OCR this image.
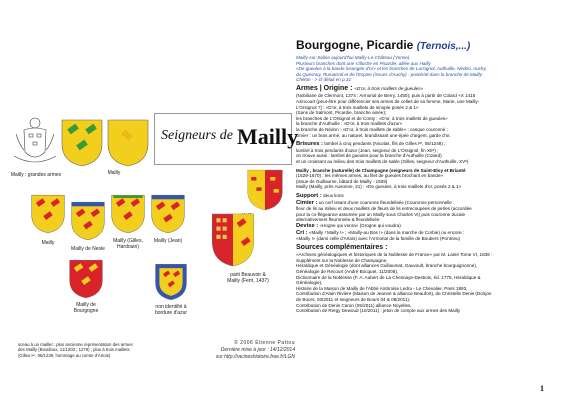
Mailly : grandes armes	Mailly
Seigneurs de Mailly
Mailly
Mailly de Nesle
Mailly (Gilles, Hardouin)
Mailly (Jean)
parti Beauvoir & Mailly (Ferri, 1437)
Mailly de Bourgogne
non identifié à bordure d'azur

sceau à un maillet : plus ancienne représentation des armes

des Mailly (Boutiloux, 11/1203 ; 1279) ; plus à trois maillets

(Gilles Iᵉʳ, 05/1239, hommage au comte d'Artois)

© 2006 Étienne Pattou

Dernière mise à jour : 14/12/2014

sur http://racineshistoire.free.fr/LGN

1
Bourgogne, Picardie (Ternois,...)

Mailly-sur-Saline aujourd'hui Mailly-Le-Château (Yonne)

Plusieurs branches dont une s'illustre en Picardie, alliée aux Hailly

«De gueules à la bande losangée d'or» et les branches de Lorsignol, Authuille, Nédon, Auchy,

du Quesnoy, Rumaisnil et de l'Espine (issues d'Auchy) - postérité dans la branche de Mailly-

Chélon - > cf détail en p.31

Armes | Origine : «D'or, à trois maillets de gueules»

(Nobiliaire de Clermont, 1374 ; Armorial de Berry, 1450); puis à partir de Colard +X 1415

Azincourt (peut-être pour différencier ses armes de celles de sa femme, Marie, une Mailly-

L'Orsignol ?) : «D'or, à trois maillets de sinople posés 2 & 1»

(Sans de Salmont, Picardie, branche ainée);

les branches de L'Orsignol et de Conty : «D'or, à trois maillets de gueules»

la branche d'Authuille : «D'or, à trois maillets d'azur»

la branche de Nédon : «D'or, à trois maillets de sable» ; casque couronné ;

cimier : un bras armé, au naturel, brandissant une épée d'argent, garde d'or.

Brisures : lambel à cinq pendants (Nicolas, fils de Gilles Iᵉʳ, 05/1248) ;

lambel à trois pendants d'azur (Jean, seigneur de L'Orsignol, fin XIIᵉ) ;

on trouve aussi : lambel de gueules pour la branche d'Authuille (Colard)

et un croissant au milieu des trois maillets de sable (Gilles, seigneur d'Authuille, XVᵉ)

Mailly , branche (naturelle) de Champagne (seigneurs de Saint-Eloy et Brianté

(1529-1670) : les mêmes armes, au filet de gueules brochant en bande»

(issue de Guillaume, bâtard de Mailly - 1508)

Mailly (Mailly, près Ausonne, 21) : «De gueules, à trois maillets d'or, posés 2 & 1»

Support : deux lions

Cimier : un cerf issant d'une couronne fleurdelisée (Couronne personnelle :

fleur de lis au milieu et deux maillets de fleurs de lis entrecoupées de perles (accordée

pour la co-flégeance assumée par un Mailly sous Charles VI) puis couronne ducale

alternativement fleuronnée & fleurdelisée

Devise : «Hogne qui vonra» (Grogne qui voudra)

Cri : «Mailly ! Mailly !» ; «Mailly-au Bos !» (dans la marche de Corbie) ou encore :

«Mailly !» (dans celle d'Artois) avec l'Armorial de la famille de Boubers (Pontrieu)

Sources complémentaires :

«Archives généalogiques et historiques de la Noblesse de France» par M. Lainé Tome VI, 1839 :

Supplément sur la Noblesse de Champagne,

Héraldique et Généalogie (dont alliances Guillaumat, Gauvoult, branche bourguignonne),

Généalogie de Recourt (André Bocquet, 11/2008),

Dictionnaire de la Noblesse (F. A. Aubert de La Chesnaye-Desbois, éd. 1775, Héraldique &

Généalogie),

Histoire de la Maison de Mailly de l'Abbé Ambroise Ledru - Le Chevalier, Paris 1893,

Contribution d'Alain Rivière (Maison de Jeanne & alliance Beaufort), de Christelle Denis (Donjon

de Bours, 03/2011 et seigneurs de Bours 04 & 08/2011),

Contribution de Denis Caron (05/2011) alliance Noyelles,

Contribution de Reïgy Dewoud (10/2011) : jeton de compte aux armes des Mailly
